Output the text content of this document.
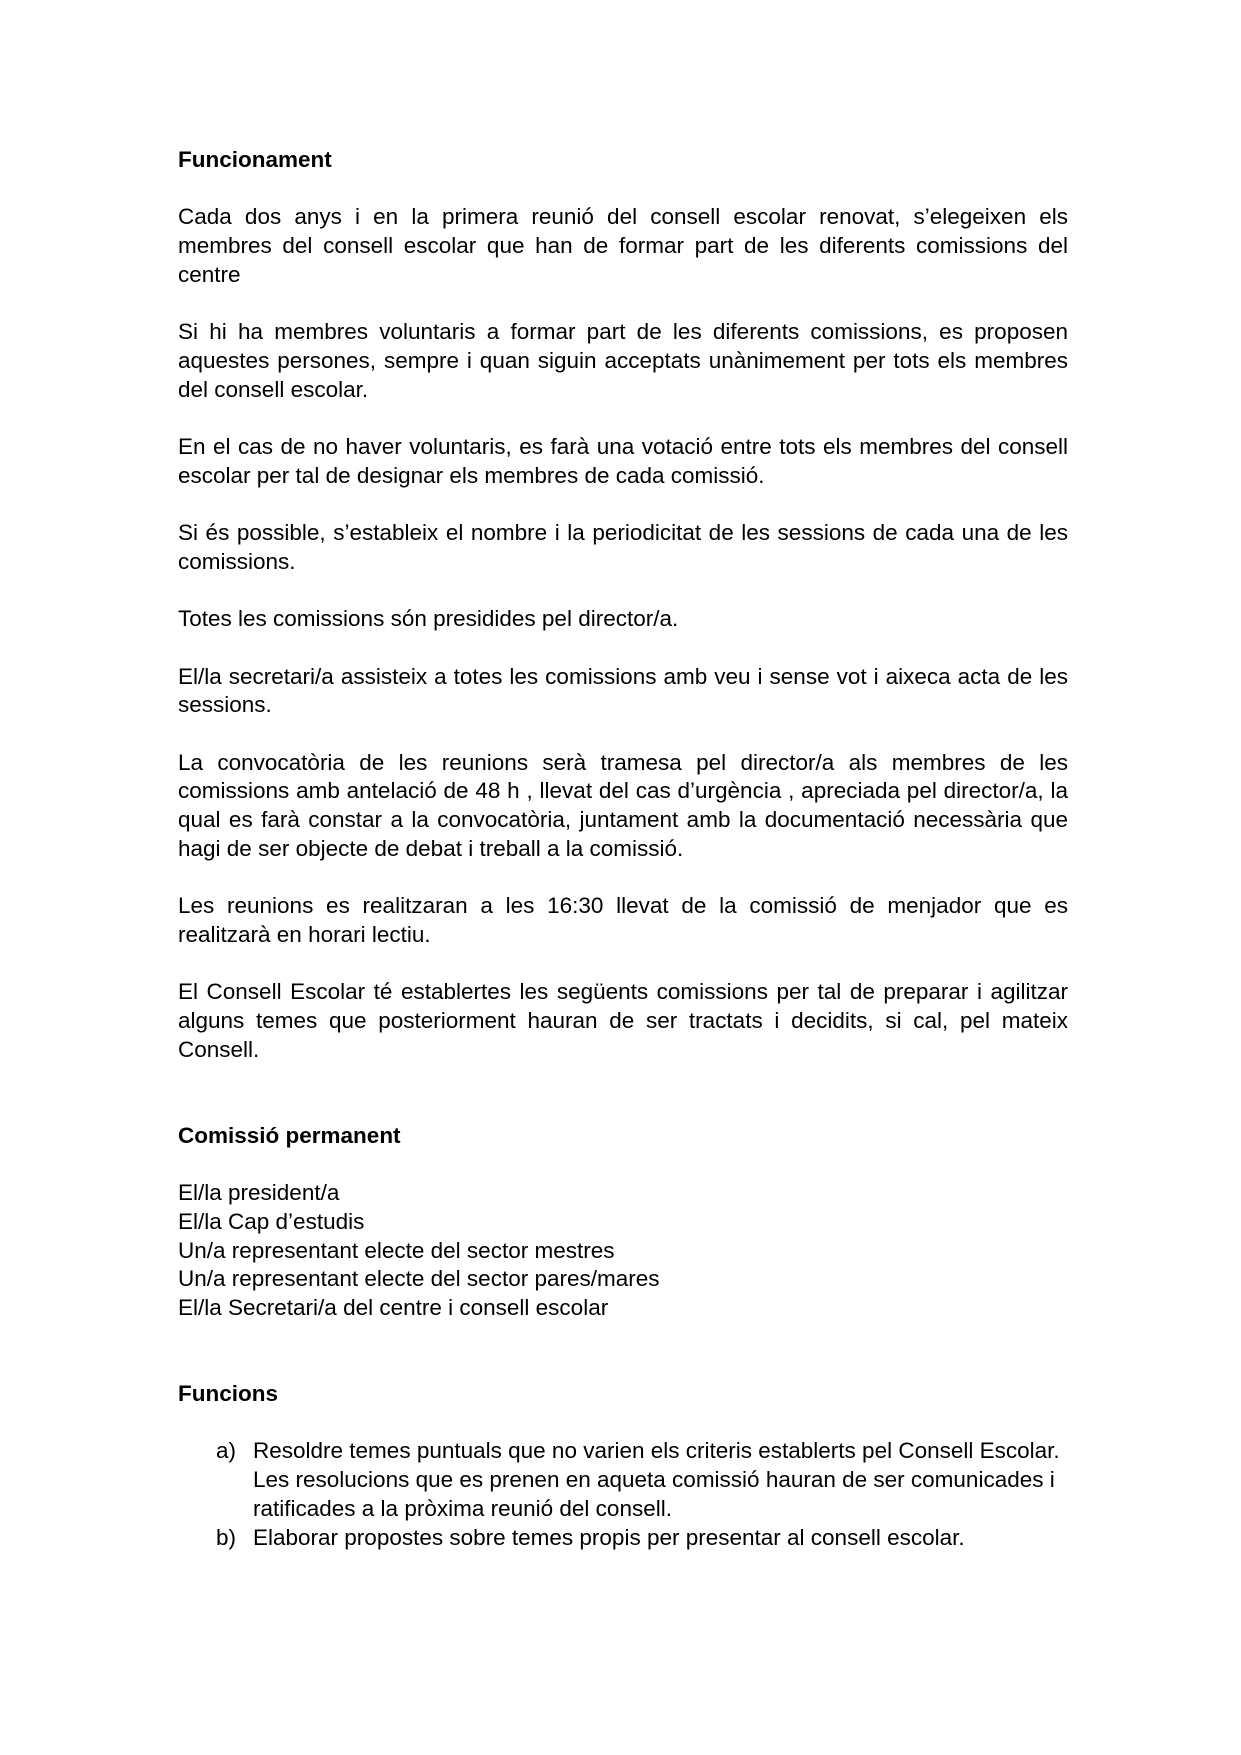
Funcionament

Cada dos anys i en la primera reunió del consell escolar renovat, s’elegeixen els membres del consell escolar que han de formar part de les diferents comissions del centre

Si hi ha membres voluntaris a formar part de les diferents comissions, es proposen aquestes persones, sempre i quan siguin acceptats unànimement per tots els membres del consell escolar.

En el cas de no haver voluntaris, es farà una votació entre tots els membres del consell escolar per tal de designar els membres de cada comissió.

Si és possible, s’estableix el nombre i la periodicitat de les sessions de cada una de les comissions.

Totes les comissions són presidides pel director/a.

El/la secretari/a assisteix a totes les comissions amb veu i sense vot i aixeca acta de les sessions.

La convocatòria de les reunions serà tramesa pel director/a als membres de les comissions amb antelació de 48 h , llevat del cas d’urgència , apreciada pel director/a, la qual es farà constar a la convocatòria, juntament amb la documentació necessària que hagi de ser objecte de debat i treball a la comissió.

Les reunions es realitzaran a les 16:30 llevat de la comissió de menjador que es realitzarà en horari lectiu.

El Consell Escolar té establertes les següents comissions per tal de preparar i agilitzar alguns temes que posteriorment hauran de ser tractats i decidits, si cal, pel mateix Consell.

Comissió permanent
El/la president/a
El/la Cap d’estudis
Un/a representant electe del sector mestres
Un/a representant electe del sector pares/mares
El/la Secretari/a del centre i consell escolar
Funcions
a) Resoldre temes puntuals que no varien els criteris establerts pel Consell Escolar. Les resolucions que es prenen en aqueta comissió hauran de ser comunicades i ratificades a la pròxima reunió del consell.
b) Elaborar propostes sobre temes propis per presentar al consell escolar.
